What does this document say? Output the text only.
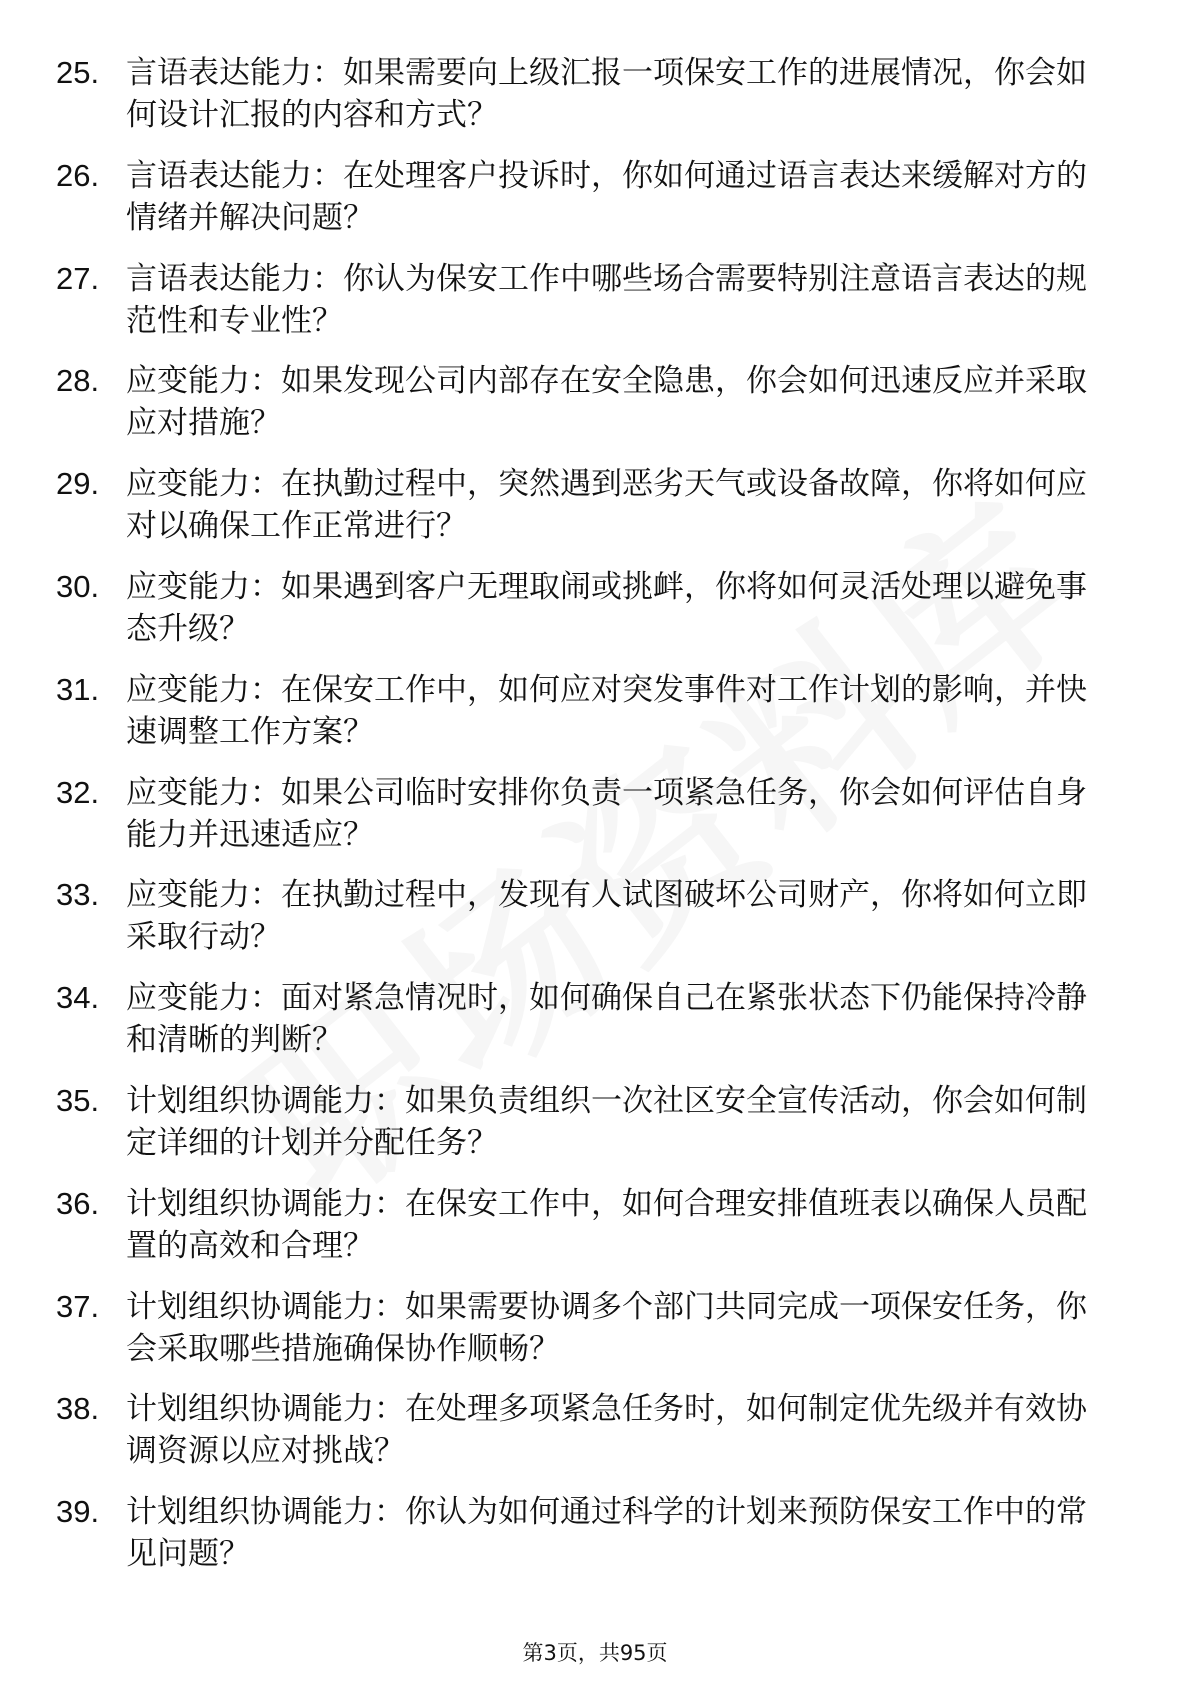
25. 言语表达能力：如果需要向上级汇报一项保安工作的进展情况，你会如何设计汇报的内容和方式？
26. 言语表达能力：在处理客户投诉时，你如何通过语言表达来缓解对方的情绪并解决问题？
27. 言语表达能力：你认为保安工作中哪些场合需要特别注意语言表达的规范性和专业性？
28. 应变能力：如果发现公司内部存在安全隐患，你会如何迅速反应并采取应对措施？
29. 应变能力：在执勤过程中，突然遇到恶劣天气或设备故障，你将如何应对以确保工作正常进行？
30. 应变能力：如果遇到客户无理取闹或挑衅，你将如何灵活处理以避免事态升级？
31. 应变能力：在保安工作中，如何应对突发事件对工作计划的影响，并快速调整工作方案？
32. 应变能力：如果公司临时安排你负责一项紧急任务，你会如何评估自身能力并迅速适应？
33. 应变能力：在执勤过程中，发现有人试图破坏公司财产，你将如何立即采取行动？
34. 应变能力：面对紧急情况时，如何确保自己在紧张状态下仍能保持冷静和清晰的判断？
35. 计划组织协调能力：如果负责组织一次社区安全宣传活动，你会如何制定详细的计划并分配任务？
36. 计划组织协调能力：在保安工作中，如何合理安排值班表以确保人员配置的高效和合理？
37. 计划组织协调能力：如果需要协调多个部门共同完成一项保安任务，你会采取哪些措施确保协作顺畅？
38. 计划组织协调能力：在处理多项紧急任务时，如何制定优先级并有效协调资源以应对挑战？
39. 计划组织协调能力：你认为如何通过科学的计划来预防保安工作中的常见问题？
第3页，共95页
